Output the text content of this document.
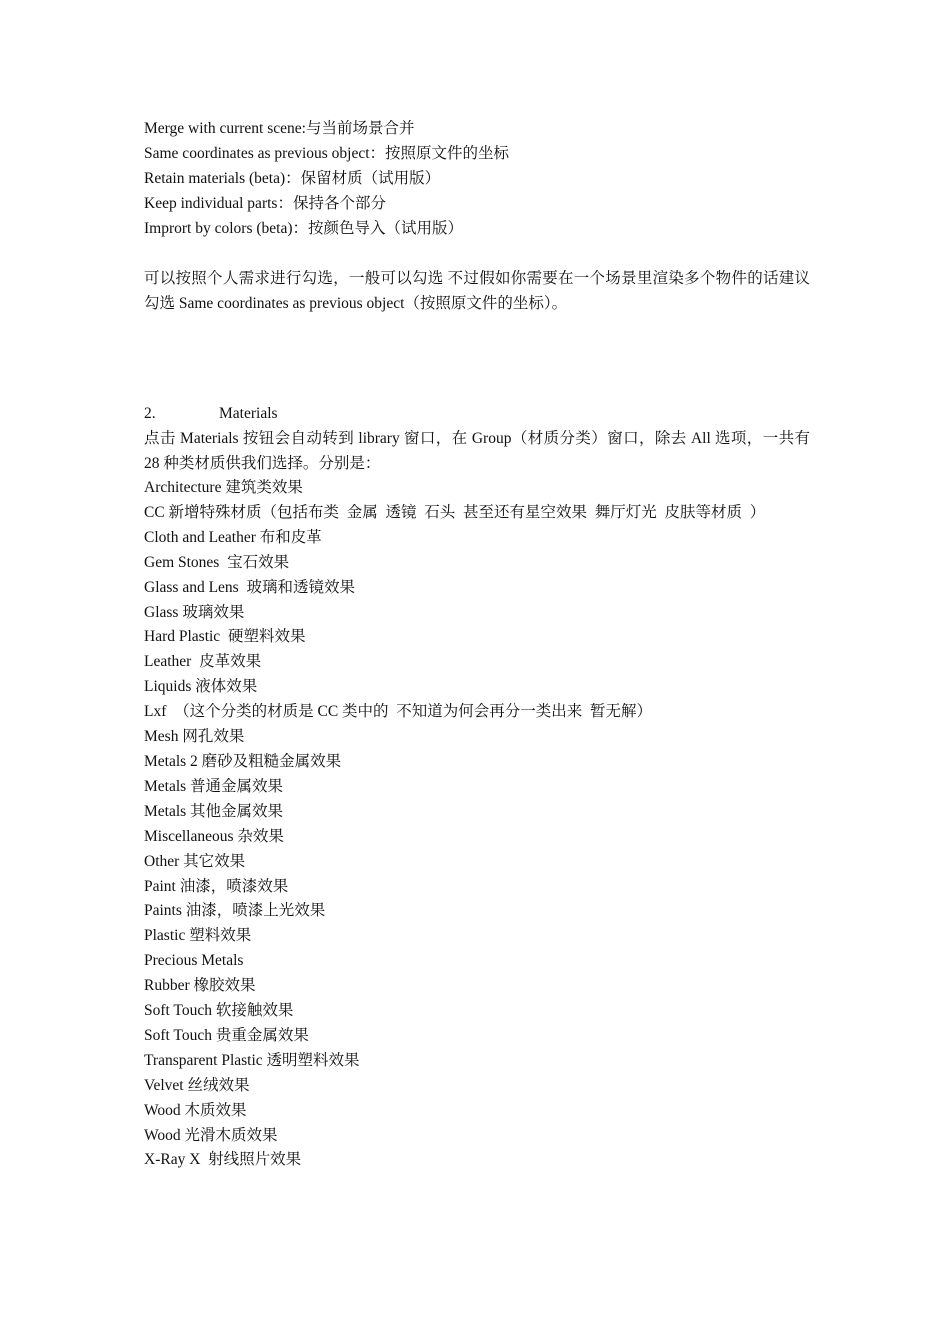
Merge with current scene:与当前场景合并
Same coordinates as previous object：按照原文件的坐标
Retain materials (beta)：保留材质（试用版）
Keep individual parts：保持各个部分
Imprort by colors (beta)：按颜色导入（试用版）
可以按照个人需求进行勾选，一般可以勾选 不过假如你需要在一个场景里渲染多个物件的话建议勾选 Same coordinates as previous object（按照原文件的坐标）。
2.	Materials
点击 Materials 按钮会自动转到 library 窗口，在 Group（材质分类）窗口，除去 All 选项，一共有 28 种类材质供我们选择。分别是：
Architecture 建筑类效果
CC 新增特殊材质（包括布类  金属  透镜  石头  甚至还有星空效果  舞厅灯光  皮肤等材质  ）
Cloth and Leather 布和皮革
Gem Stones  宝石效果
Glass and Lens  玻璃和透镜效果
Glass 玻璃效果
Hard Plastic  硬塑料效果
Leather  皮革效果
Liquids 液体效果
Lxf  （这个分类的材质是 CC 类中的  不知道为何会再分一类出来  暂无解）
Mesh 网孔效果
Metals 2 磨砂及粗糙金属效果
Metals 普通金属效果
Metals 其他金属效果
Miscellaneous 杂效果
Other 其它效果
Paint 油漆，喷漆效果
Paints 油漆，喷漆上光效果
Plastic 塑料效果
Precious Metals
Rubber 橡胶效果
Soft Touch 软接触效果
Soft Touch 贵重金属效果
Transparent Plastic 透明塑料效果
Velvet 丝绒效果
Wood 木质效果
Wood 光滑木质效果
X-Ray X  射线照片效果
